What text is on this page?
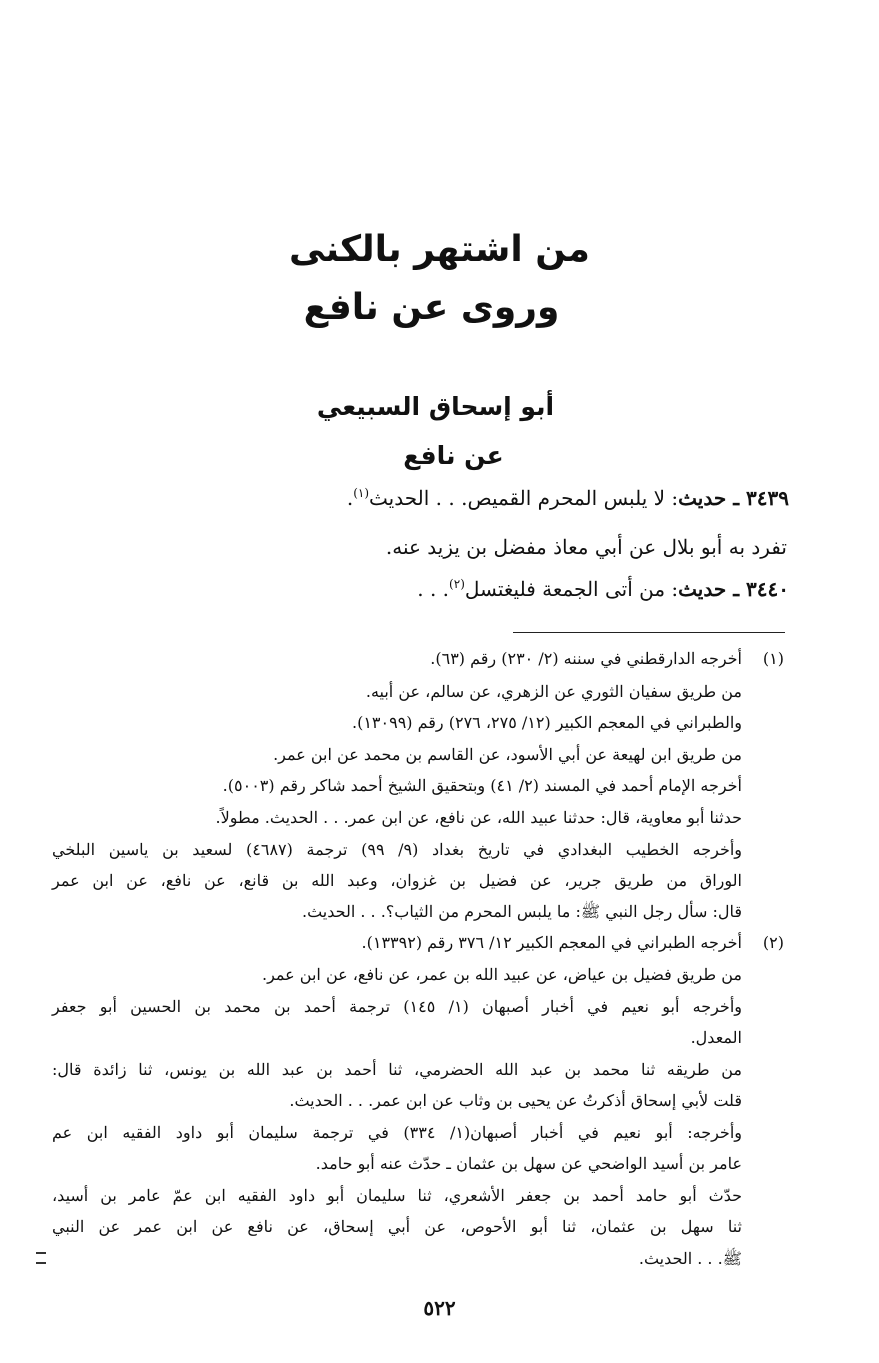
من اشتهر بالكنى
وروى عن نافع
أبو إسحاق السبيعي
عن نافع
٣٤٣٩ ـ حديث: لا يلبس المحرم القميص. . . الحديث$^{(١)}$.
تفرد به أبو بلال عن أبي معاذ مفضل بن يزيد عنه.
٣٤٤٠ ـ حديث: من أتى الجمعة فليغتسل$^{(٢)}$. . .
(١)
(٢)
أخرجه الدارقطني في سننه (٢/ ٢٣٠) رقم (٦٣).
من طريق سفيان الثوري عن الزهري، عن سالم، عن أبيه.
والطبراني في المعجم الكبير (١٢/ ٢٧٥، ٢٧٦) رقم (١٣٠٩٩).
من طريق ابن لهيعة عن أبي الأسود، عن القاسم بن محمد عن ابن عمر.
أخرجه الإمام أحمد في المسند (٢/ ٤١) وبتحقيق الشيخ أحمد شاكر رقم (٥٠٠٣).
حدثنا أبو معاوية، قال: حدثنا عبيد الله، عن نافع، عن ابن عمر. . . الحديث. مطولاً.
وأخرجه الخطيب البغدادي في تاريخ بغداد (٩/ ٩٩) ترجمة (٤٦٨٧) لسعيد بن ياسين البلخي
الوراق من طريق جرير، عن فضيل بن غزوان، وعبد الله بن قانع، عن نافع، عن ابن عمر
قال: سأل رجل النبي ﷺ: ما يلبس المحرم من الثياب؟. . . الحديث.
أخرجه الطبراني في المعجم الكبير ١٢/ ٣٧٦ رقم (١٣٣٩٢).
من طريق فضيل بن عياض، عن عبيد الله بن عمر، عن نافع، عن ابن عمر.
وأخرجه أبو نعيم في أخبار أصبهان (١/ ١٤٥) ترجمة أحمد بن محمد بن الحسين أبو جعفر
المعدل.
من طريقه ثنا محمد بن عبد الله الحضرمي، ثنا أحمد بن عبد الله بن يونس، ثنا زائدة قال:
قلت لأبي إسحاق أذكرتُ عن يحيى بن وثاب عن ابن عمر. . . الحديث.
وأخرجه: أبو نعيم في أخبار أصبهان(١/ ٣٣٤) في ترجمة سليمان أبو داود الفقيه ابن عم
عامر بن أسيد الواضحي عن سهل بن عثمان ـ حدّث عنه أبو حامد.
حدّث أبو حامد أحمد بن جعفر الأشعري، ثنا سليمان أبو داود الفقيه ابن عمّ عامر بن أسيد،
ثنا سهل بن عثمان، ثنا أبو الأحوص، عن أبي إسحاق، عن نافع عن ابن عمر عن النبي
ﷺ. . . الحديث.
٥٢٢
